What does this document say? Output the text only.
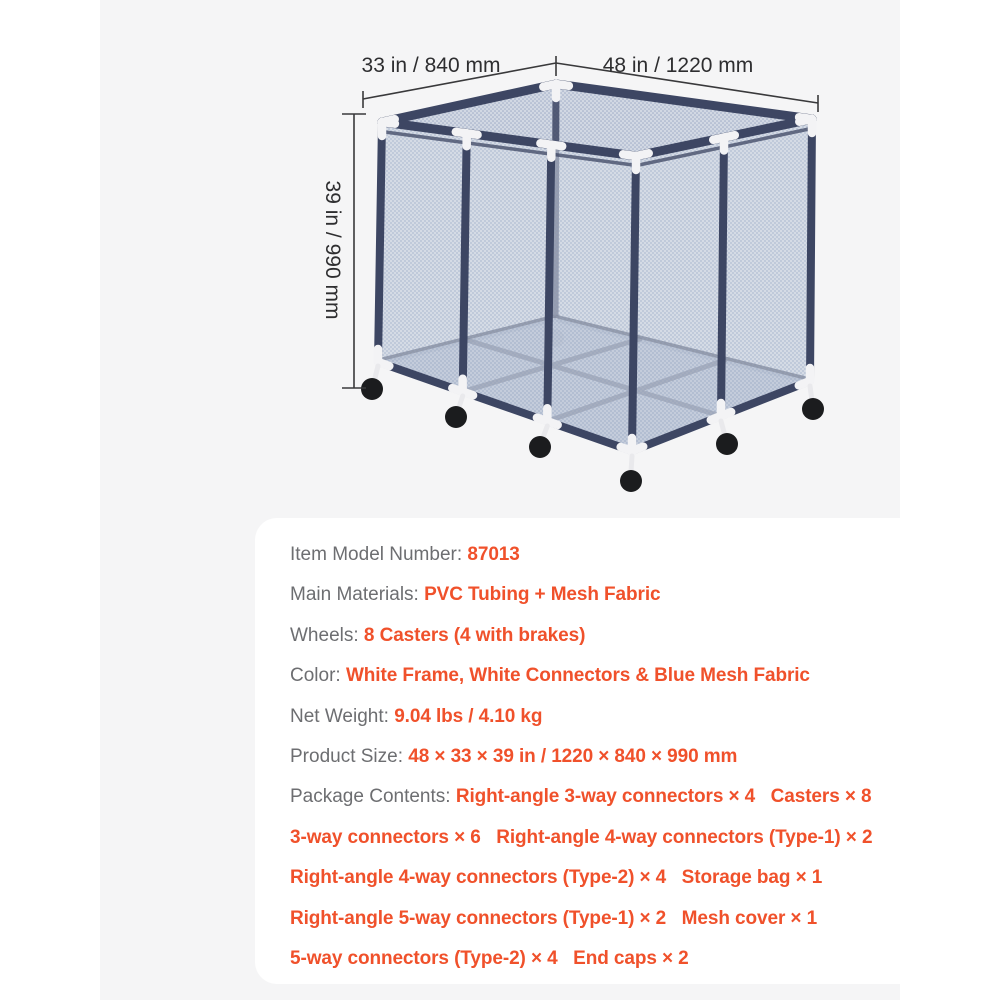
33 in / 840 mm	48 in / 1220 mm
39 in / 990 mm
Item Model Number: 87013
Main Materials: PVC Tubing + Mesh Fabric
Wheels: 8 Casters (4 with brakes)
Color: White Frame, White Connectors & Blue Mesh Fabric
Net Weight: 9.04 lbs / 4.10 kg
Product Size: 48 × 33 × 39 in / 1220 × 840 × 990 mm
Package Contents: Right-angle 3-way connectors × 4   Casters × 8
3-way connectors × 6   Right-angle 4-way connectors (Type-1) × 2
Right-angle 4-way connectors (Type-2) × 4   Storage bag × 1
Right-angle 5-way connectors (Type-1) × 2   Mesh cover × 1
5-way connectors (Type-2) × 4   End caps × 2
